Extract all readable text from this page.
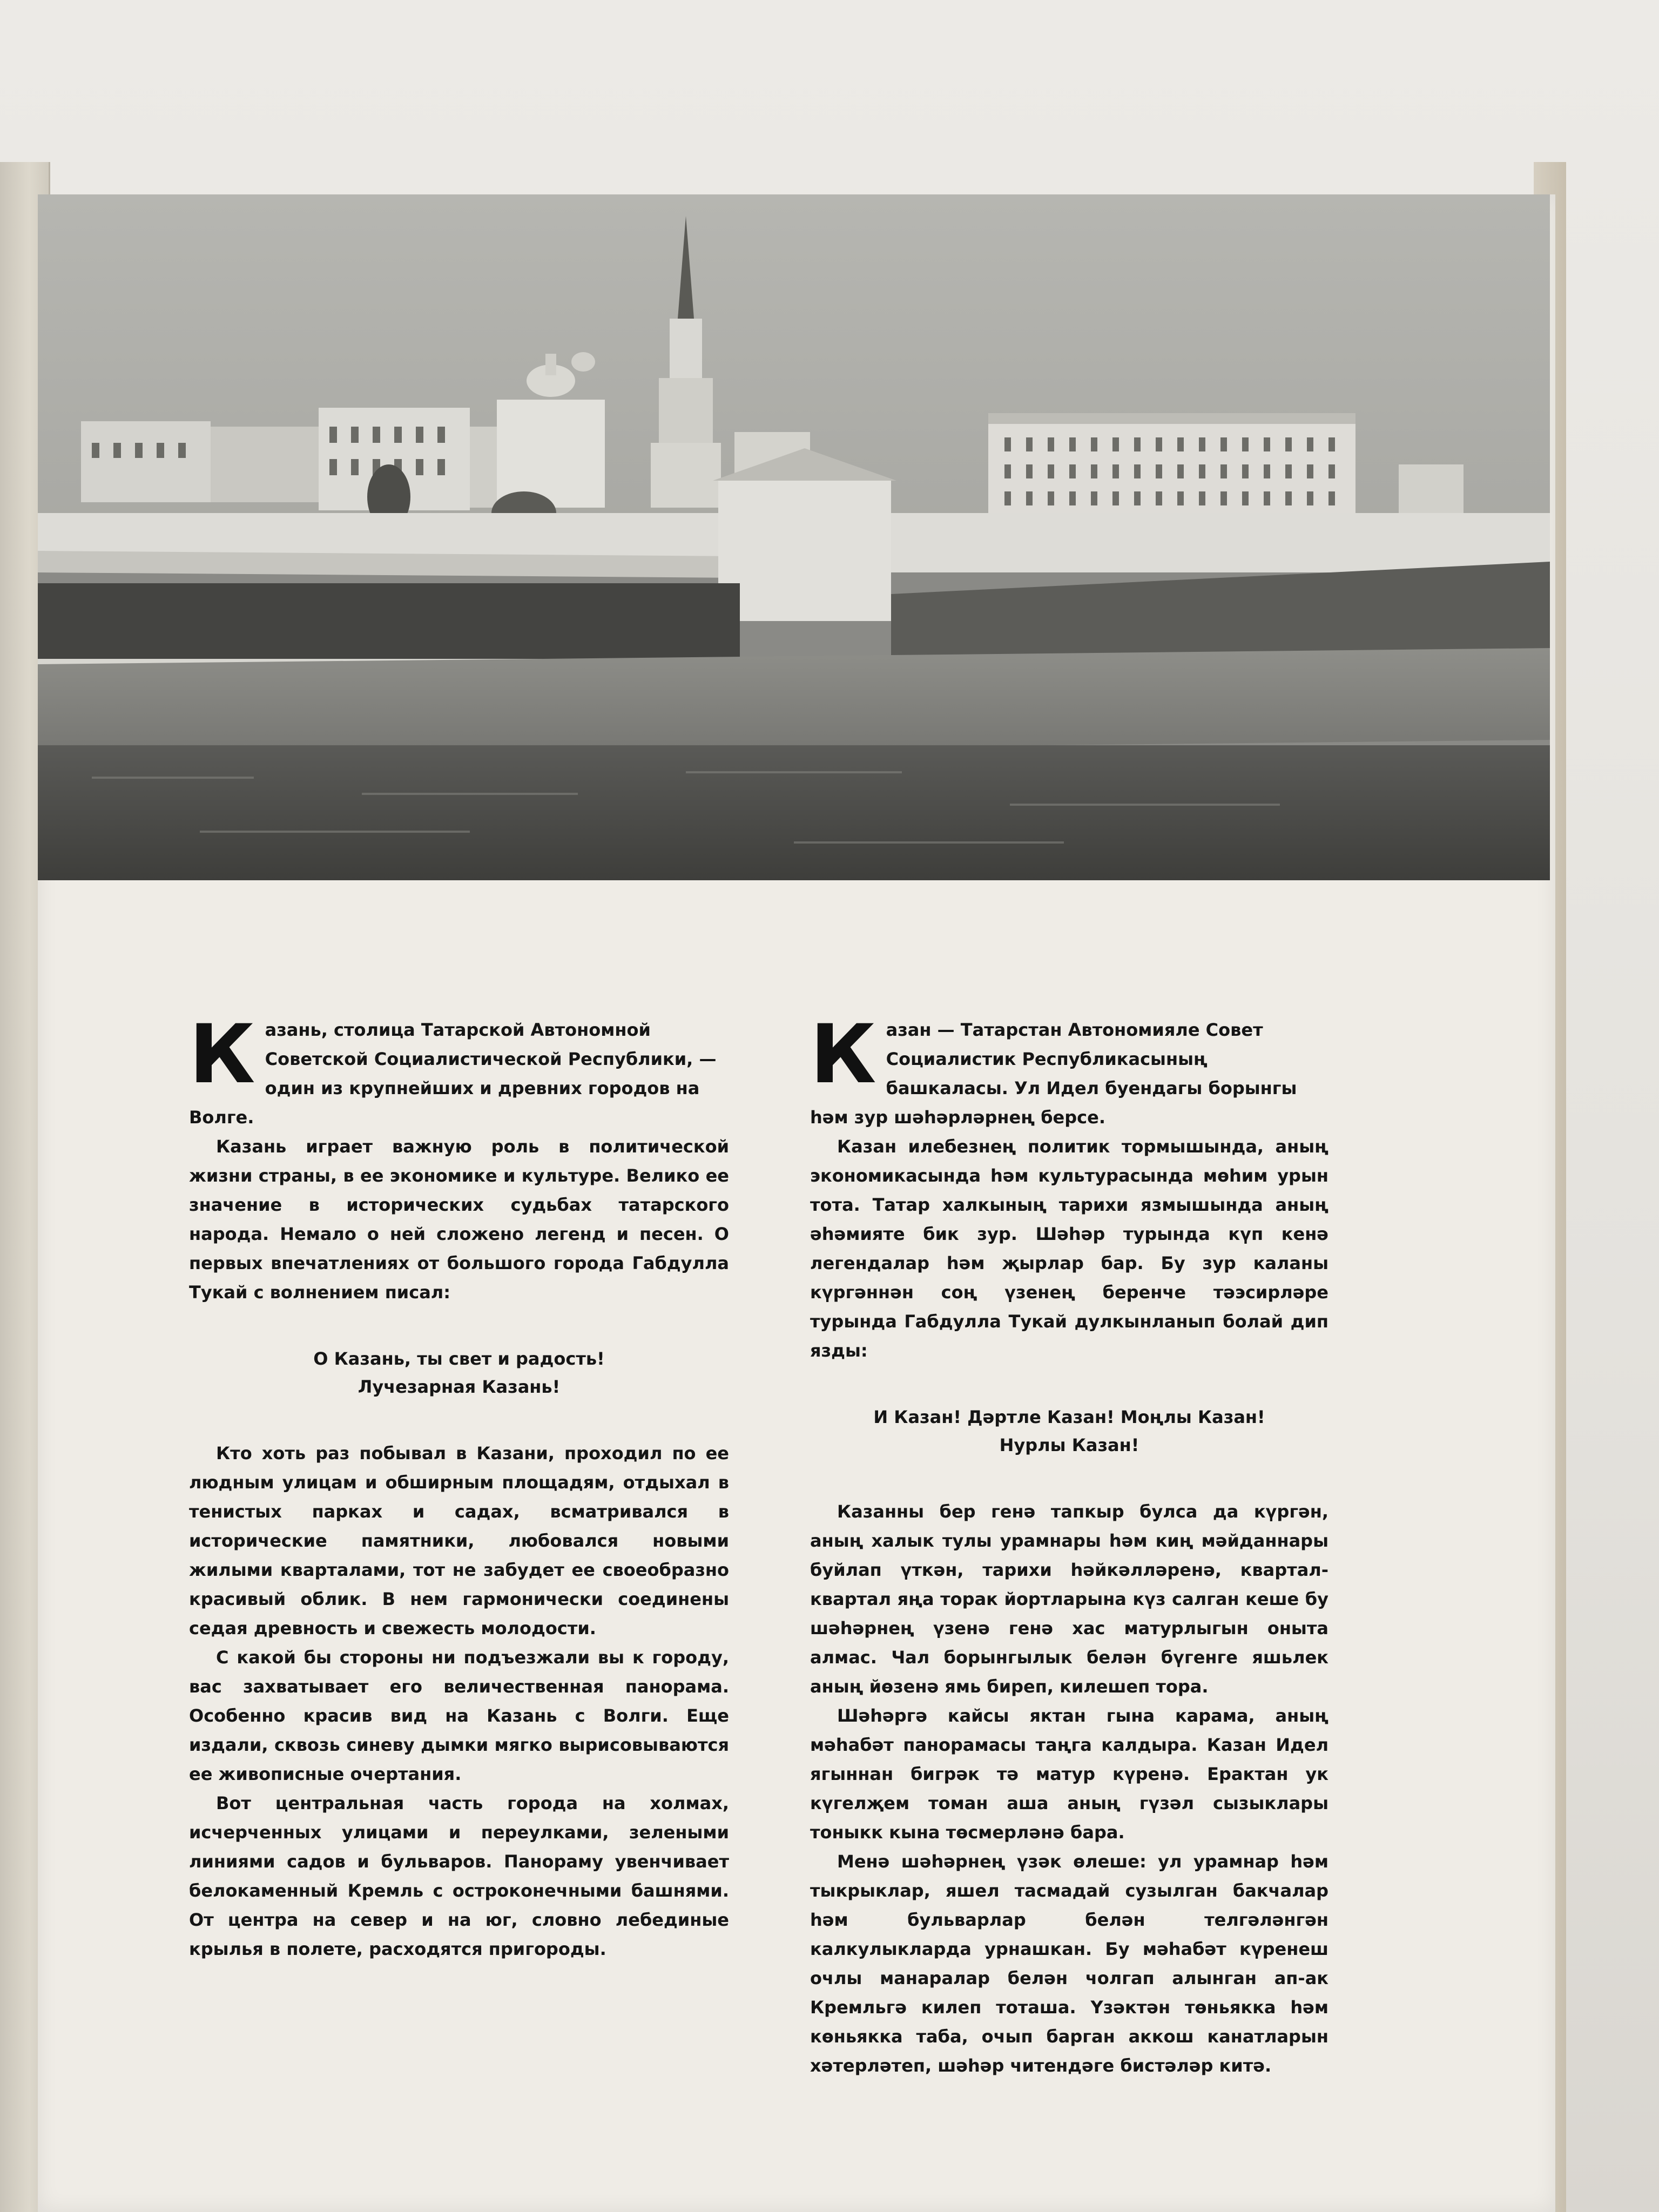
К азань, столица Татарской Автономной Советской Социалистической Республики, — один из крупнейших и древних городов на Волге.

Казань играет важную роль в политической жизни страны, в ее экономике и культуре. Велико ее значение в исторических судьбах татарского народа. Немало о ней сложено легенд и песен. О первых впечатлениях от большого города Габдулла Тукай с волнением писал:

О Казань, ты свет и радость!
Лучезарная Казань!

Кто хоть раз побывал в Казани, проходил по ее людным улицам и обширным площадям, отдыхал в тенистых парках и садах, всматривался в исторические памятники, любовался новыми жилыми кварталами, тот не забудет ее своеобразно красивый облик. В нем гармонически соединены седая древность и свежесть молодости.

С какой бы стороны ни подъезжали вы к городу, вас захватывает его величественная панорама. Особенно красив вид на Казань с Волги. Еще издали, сквозь синеву дымки мягко вырисовываются ее живописные очертания.

Вот центральная часть города на холмах, исчерченных улицами и переулками, зелеными линиями садов и бульваров. Панораму увенчивает белокаменный Кремль с остроконечными башнями. От центра на север и на юг, словно лебединые крылья в полете, расходятся пригороды.

К азан — Татарстан Автономияле Совет Социалистик Республикасының башкаласы. Ул Идел буендагы борынгы һәм зур шәһәрләрнең берсе.

Казан илебезнең политик тормышында, аның экономикасында һәм культурасында мөһим урын тота. Татар халкының тарихи язмышында аның әһәмияте бик зур. Шәһәр турында күп кенә легендалар һәм җырлар бар. Бу зур каланы күргәннән соң үзенең беренче тәэсирләре турында Габдулла Тукай дулкынланып болай дип язды:

И Казан! Дәртле Казан! Моңлы Казан!
Нурлы Казан!

Казанны бер генә тапкыр булса да күргән, аның халык тулы урамнары һәм киң мәйданнары буйлап үткән, тарихи һәйкәлләренә, квартал-квартал яңа торак йортларына күз салган кеше бу шәһәрнең үзенә генә хас матурлыгын онытa алмас. Чал борынгылык белән бүгенге яшьлек аның йөзенә ямь биреп, килешеп тора.

Шәһәргә кайсы яктан гына карама, аның мәһабәт панорамасы таңга калдыра. Казан Идел ягыннан бигрәк тә матур күренә. Ерактан ук күгелҗем томан аша аның гүзәл сызыклары тоныкк кына төсмерләнә бара.

Менә шәһәрнең үзәк өлеше: ул урамнар һәм тыкрыклар, яшел тасмадай сузылган бакчалар һәм бульварлар белән телгәләнгән калкулыкларда урнашкан. Бу мәһабәт күренеш очлы манаралар белән чолгап алынган ап-ак Кремльгә килеп тоташа. Үзәктән төньякка һәм көньякка таба, очып барган аккош канатларын хәтерләтеп, шәһәр читендәге бистәләр китә.
